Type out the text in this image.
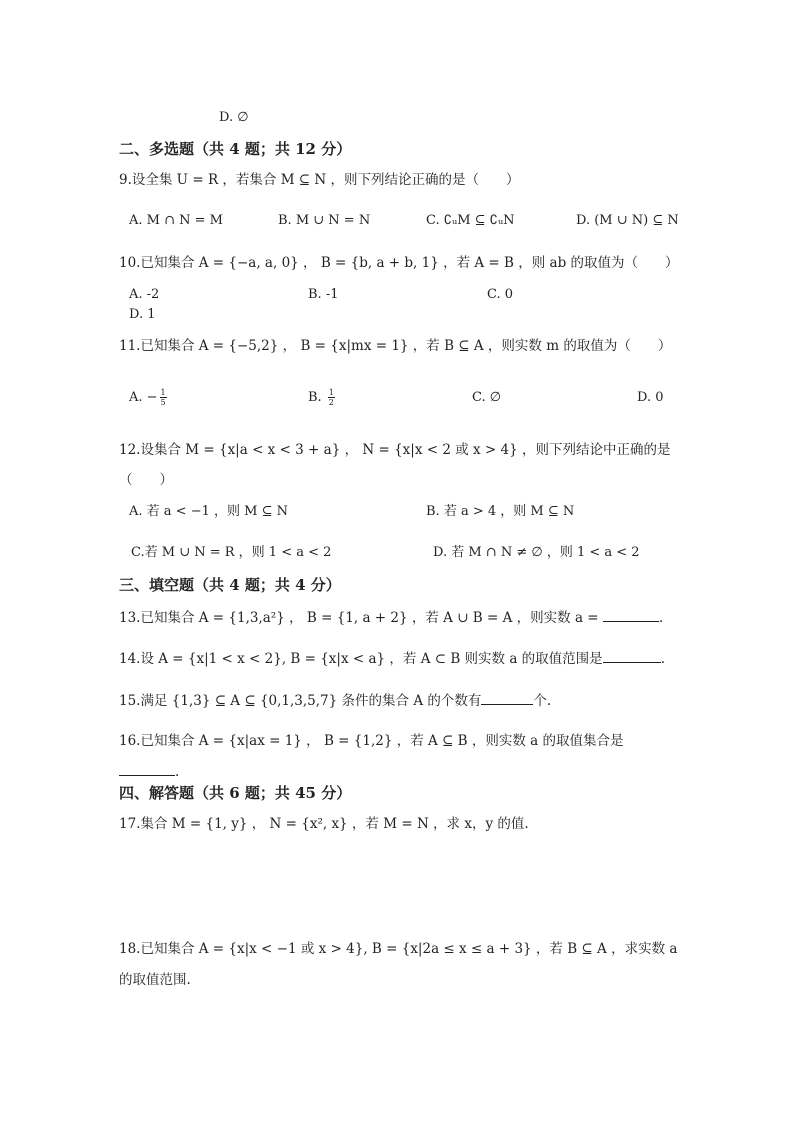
D. ∅
二、多选题（共 4 题；共 12 分）
9.设全集 U = R ，若集合 M ⊆ N ，则下列结论正确的是（　　）
A. M ∩ N = M	B. M ∪ N = N	C. ∁ᵤM ⊆ ∁ᵤN	D. (M ∪ N) ⊆ N
10.已知集合 A = {−a, a, 0} ， B = {b, a + b, 1} ，若 A = B ，则 ab 的取值为（　　）
A. -2	B. -1	C. 0
D. 1
11.已知集合 A = {−5,2} ， B = {x|mx = 1} ，若 B ⊆ A ，则实数 m 的取值为（　　）
A. − $\frac{1}{5}$	B. $\frac{1}{2}$	C. ∅	D. 0
12.设集合 M = {x|a < x < 3 + a} ， N = {x|x < 2 或 x > 4} ，则下列结论中正确的是
（　　）
A. 若 a < −1 ，则 M ⊆ N	B. 若 a > 4 ，则 M ⊆ N
C.若 M ∪ N = R ，则 1 < a < 2	D. 若 M ∩ N ≠ ∅ ，则 1 < a < 2
三、填空题（共 4 题；共 4 分）
13.已知集合 A = {1,3,a²} ， B = {1, a + 2} ，若 A ∪ B = A ，则实数 a =	.
14.设 A = {x|1 < x < 2}, B = {x|x < a} ，若 A ⊂ B 则实数 a 的取值范围是	.
15.满足 {1,3} ⊆ A ⊆ {0,1,3,5,7} 条件的集合 A 的个数有	个.
16.已知集合 A = {x|ax = 1} ， B = {1,2} ，若 A ⊆ B ，则实数 a 的取值集合是
.
四、解答题（共 6 题；共 45 分）
17.集合 M = {1, y} ， N = {x², x} ，若 M = N ，求 x，y 的值.
18.已知集合 A = {x|x < −1 或 x > 4}, B = {x|2a ≤ x ≤ a + 3} ，若 B ⊆ A ，求实数 a
的取值范围.
